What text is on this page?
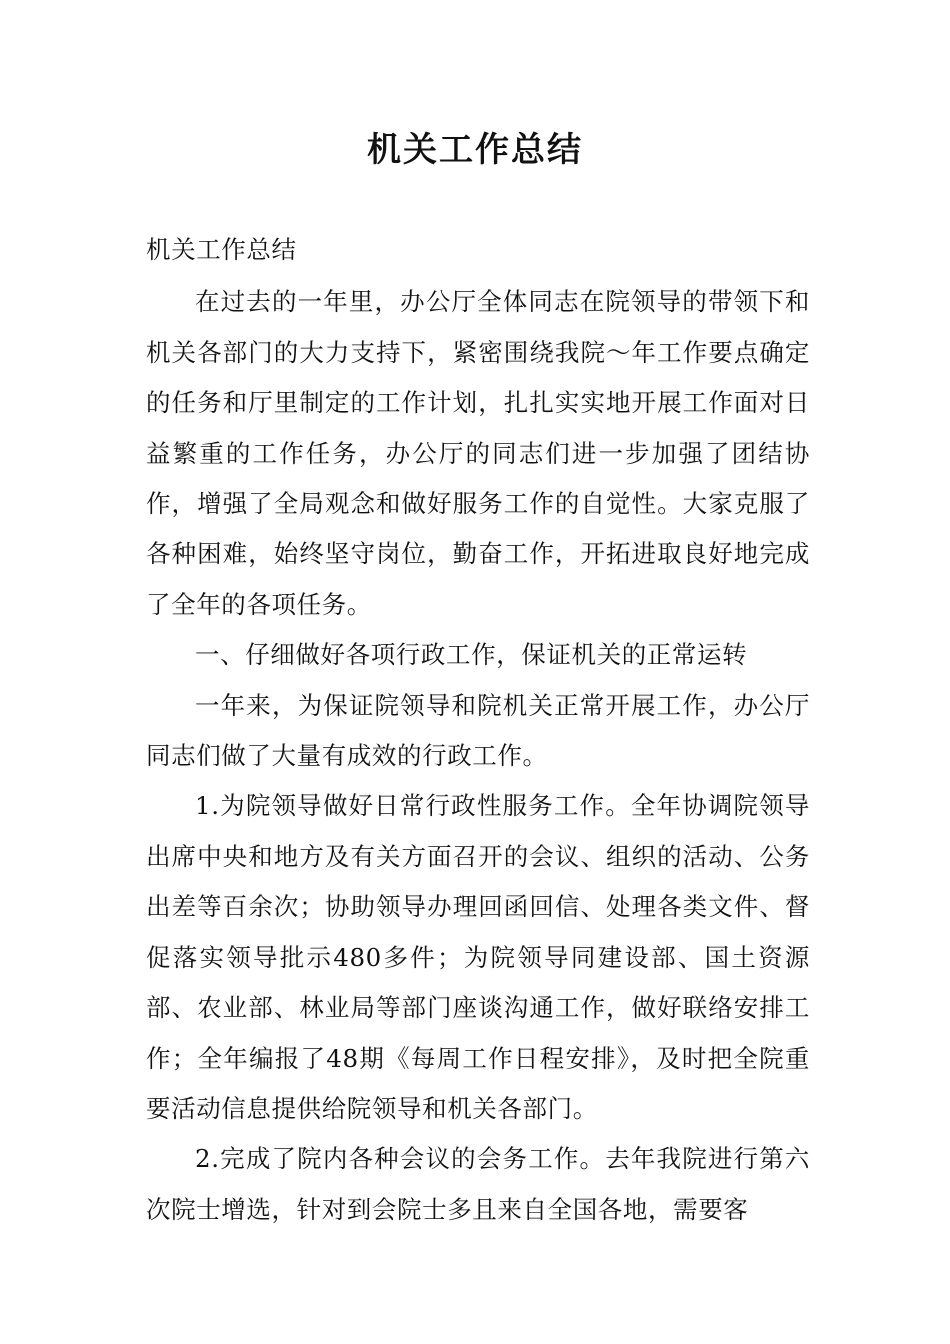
机关工作总结

机关工作总结

在过去的一年里，办公厅全体同志在院领导的带领下和机关各部门的大力支持下，紧密围绕我院～年工作要点确定的任务和厅里制定的工作计划，扎扎实实地开展工作面对日益繁重的工作任务，办公厅的同志们进一步加强了团结协作，增强了全局观念和做好服务工作的自觉性。大家克服了各种困难，始终坚守岗位，勤奋工作，开拓进取良好地完成了全年的各项任务。

一、仔细做好各项行政工作，保证机关的正常运转

一年来，为保证院领导和院机关正常开展工作，办公厅同志们做了大量有成效的行政工作。

1.为院领导做好日常行政性服务工作。全年协调院领导出席中央和地方及有关方面召开的会议、组织的活动、公务出差等百余次；协助领导办理回函回信、处理各类文件、督促落实领导批示480多件；为院领导同建设部、国土资源部、农业部、林业局等部门座谈沟通工作，做好联络安排工作；全年编报了48期《每周工作日程安排》，及时把全院重要活动信息提供给院领导和机关各部门。

2.完成了院内各种会议的会务工作。去年我院进行第六次院士增选，针对到会院士多且来自全国各地，需要客
